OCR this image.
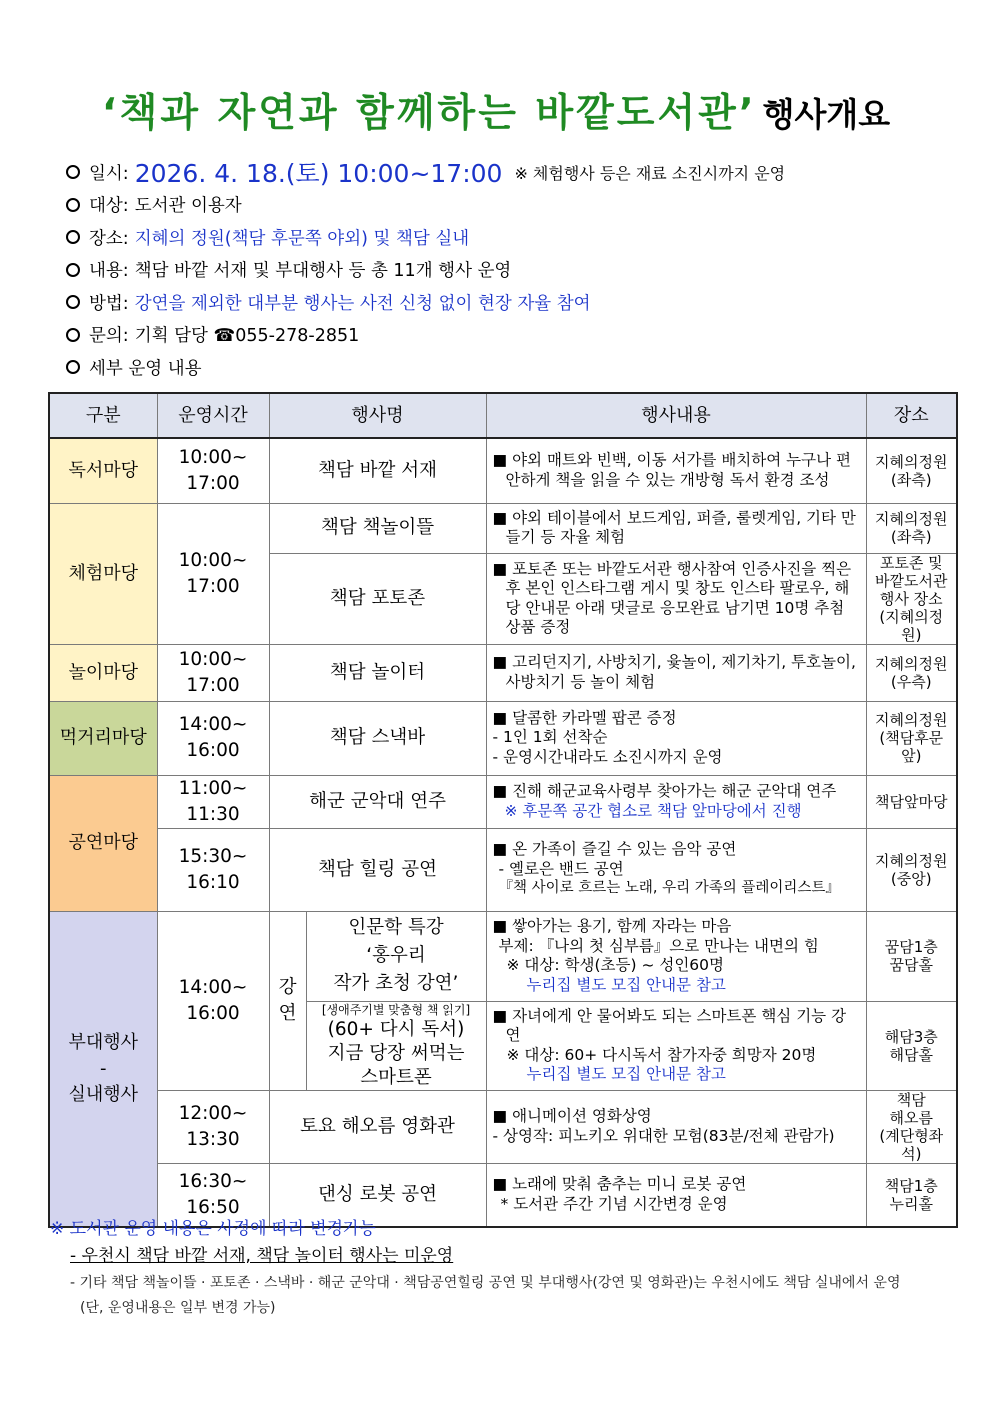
‘책과 자연과 함께하는 바깥도서관’ 행사개요
일시: 2026. 4. 18.(토) 10:00~17:00 ※ 체험행사 등은 재료 소진시까지 운영
대상: 도서관 이용자
장소: 지혜의 정원(책담 후문쪽 야외) 및 책담 실내
내용: 책담 바깥 서재 및 부대행사 등 총 11개 행사 운영
방법: 강연을 제외한 대부분 행사는 사전 신청 없이 현장 자율 참여
문의: 기획 담당 ☎055-278-2851
세부 운영 내용
구분	운영시간	행사명		행사내용	장소
독서마당	10:00~
17:00	책담 바깥 서재		■ 야외 매트와 빈백, 이동 서가를 배치하여 누구나 편안하게 책을 읽을 수 있는 개방형 독서 환경 조성	지혜의정원
(좌측)
체험마당	10:00~
17:00	책담 책놀이뜰		■ 야외 테이블에서 보드게임, 퍼즐, 룰렛게임, 기타 만들기 등 자율 체험	지혜의정원
(좌측)
		책담 포토존		■ 포토존 또는 바깥도서관 행사참여 인증사진을 찍은 후 본인 인스타그램 게시 및 창도 인스타 팔로우, 해당 안내문 아래 댓글로 응모완료 남기면 10명 추첨 상품 증정	포토존 및
바깥도서관
행사 장소
(지혜의정원)
놀이마당	10:00~
17:00	책담 놀이터		■ 고리던지기, 사방치기, 윷놀이, 제기차기, 투호놀이, 사방치기 등 놀이 체험	지혜의정원
(우측)
먹거리마당	14:00~
16:00	책담 스낵바		■ 달콤한 카라멜 팝콘 증정
- 1인 1회 선착순
- 운영시간내라도 소진시까지 운영	지혜의정원
(책담후문앞)
공연마당	11:00~
11:30	해군 군악대 연주		■ 진해 해군교육사령부 찾아가는 해군 군악대 연주
※ 후문쪽 공간 협소로 책담 앞마당에서 진행	책담앞마당
	15:30~
16:10	책담 힐링 공연		■ 온 가족이 즐길 수 있는 음악 공연
- 옐로은 밴드 공연
『책 사이로 흐르는 노래, 우리 가족의 플레이리스트』	지혜의정원
(중앙)
부대행사
-
실내행사	14:00~
16:00	강
연	인문학 특강
‘홍우리
작가 초청 강연’	■ 쌓아가는 용기, 함께 자라는 마음
부제: 『나의 첫 심부름』으로 만나는 내면의 힘
※ 대상: 학생(초등) ~ 성인60명
누리집 별도 모집 안내문 참고	꿈담1층
꿈담홀

			[생애주기별 맞춤형 책 읽기]
(60+ 다시 독서)
지금 당장 써먹는
스마트폰	■ 자녀에게 안 물어봐도 되는 스마트폰 핵심 기능 강연
※ 대상: 60+ 다시독서 참가자중 희망자 20명
누리집 별도 모집 안내문 참고	해담3층
해담홀
	12:00~
13:30	토요 해오름 영화관		■ 애니메이션 영화상영
- 상영작: 피노키오 위대한 모험(83분/전체 관람가)	책담
해오름
(계단형좌석)
	16:30~
16:50	댄싱 로봇 공연		■ 노래에 맞춰 춤추는 미니 로봇 공연
* 도서관 주간 기념 시간변경 운영	책담1층
누리홀
※ 도서관 운영 내용은 사정에 따라 변경가능
- 우천시 책담 바깥 서재, 책담 놀이터 행사는 미운영
- 기타 책담 책놀이뜰 · 포토존 · 스낵바 · 해군 군악대 · 책담공연힐링 공연 및 부대행사(강연 및 영화관)는 우천시에도 책담 실내에서 운영
(단, 운영내용은 일부 변경 가능)
